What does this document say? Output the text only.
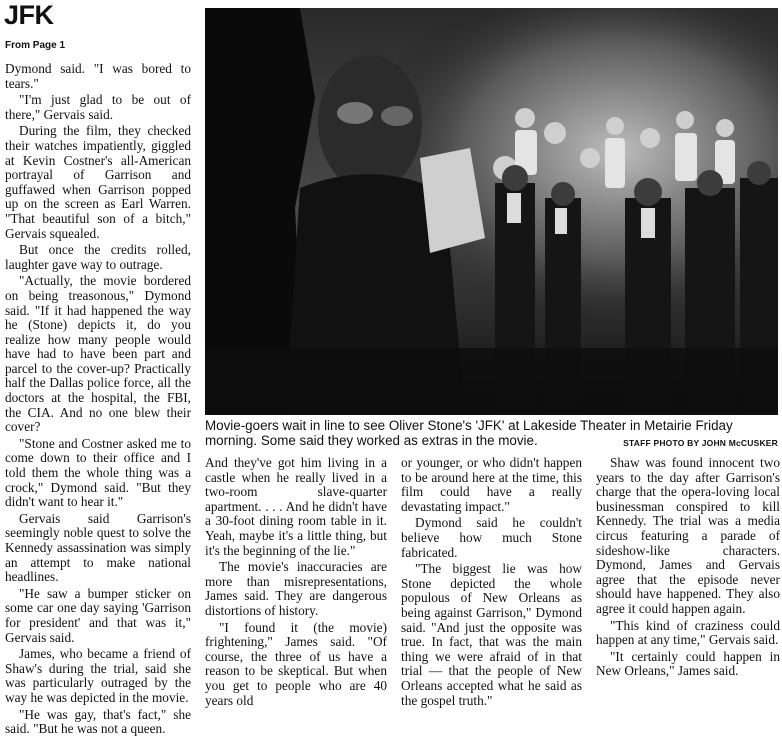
JFK
From Page 1

Dymond said. "I was bored to tears."

"I'm just glad to be out of there," Gervais said.

During the film, they checked their watches impatiently, giggled at Kevin Costner's all-American portrayal of Garrison and guffawed when Garrison popped up on the screen as Earl Warren. "That beautiful son of a bitch," Gervais squealed.

But once the credits rolled, laughter gave way to outrage.

"Actually, the movie bordered on being treasonous," Dymond said. "If it had happened the way he (Stone) depicts it, do you realize how many people would have had to have been part and parcel to the cover-up? Practically half the Dallas police force, all the doctors at the hospital, the FBI, the CIA. And no one blew their cover?

"Stone and Costner asked me to come down to their office and I told them the whole thing was a crock," Dymond said. "But they didn't want to hear it."

Gervais said Garrison's seemingly noble quest to solve the Kennedy assassination was simply an attempt to make national headlines.

"He saw a bumper sticker on some car one day saying 'Garrison for president' and that was it," Gervais said.

James, who became a friend of Shaw's during the trial, said she was particularly outraged by the way he was depicted in the movie.

"He was gay, that's fact," she said. "But he was not a queen.

Movie-goers wait in line to see Oliver Stone's 'JFK' at Lakeside Theater in Metairie Friday morning. Some said they worked as extras in the movie.	STAFF PHOTO BY JOHN McCUSKER

And they've got him living in a castle when he really lived in a two-room slave-quarter apartment. . . . And he didn't have a 30-foot dining room table in it. Yeah, maybe it's a little thing, but it's the beginning of the lie."

The movie's inaccuracies are more than misrepresentations, James said. They are dangerous distortions of history.

"I found it (the movie) frightening," James said. "Of course, the three of us have a reason to be skeptical. But when you get to people who are 40 years old

or younger, or who didn't happen to be around here at the time, this film could have a really devastating impact."

Dymond said he couldn't believe how much Stone fabricated.

"The biggest lie was how Stone depicted the whole populous of New Orleans as being against Garrison," Dymond said. "And just the opposite was true. In fact, that was the main thing we were afraid of in that trial — that the people of New Orleans accepted what he said as the gospel truth."

Shaw was found innocent two years to the day after Garrison's charge that the opera-loving local businessman conspired to kill Kennedy. The trial was a media circus featuring a parade of sideshow-like characters. Dymond, James and Gervais agree that the episode never should have happened. They also agree it could happen again.

"This kind of craziness could happen at any time," Gervais said.

"It certainly could happen in New Orleans," James said.
